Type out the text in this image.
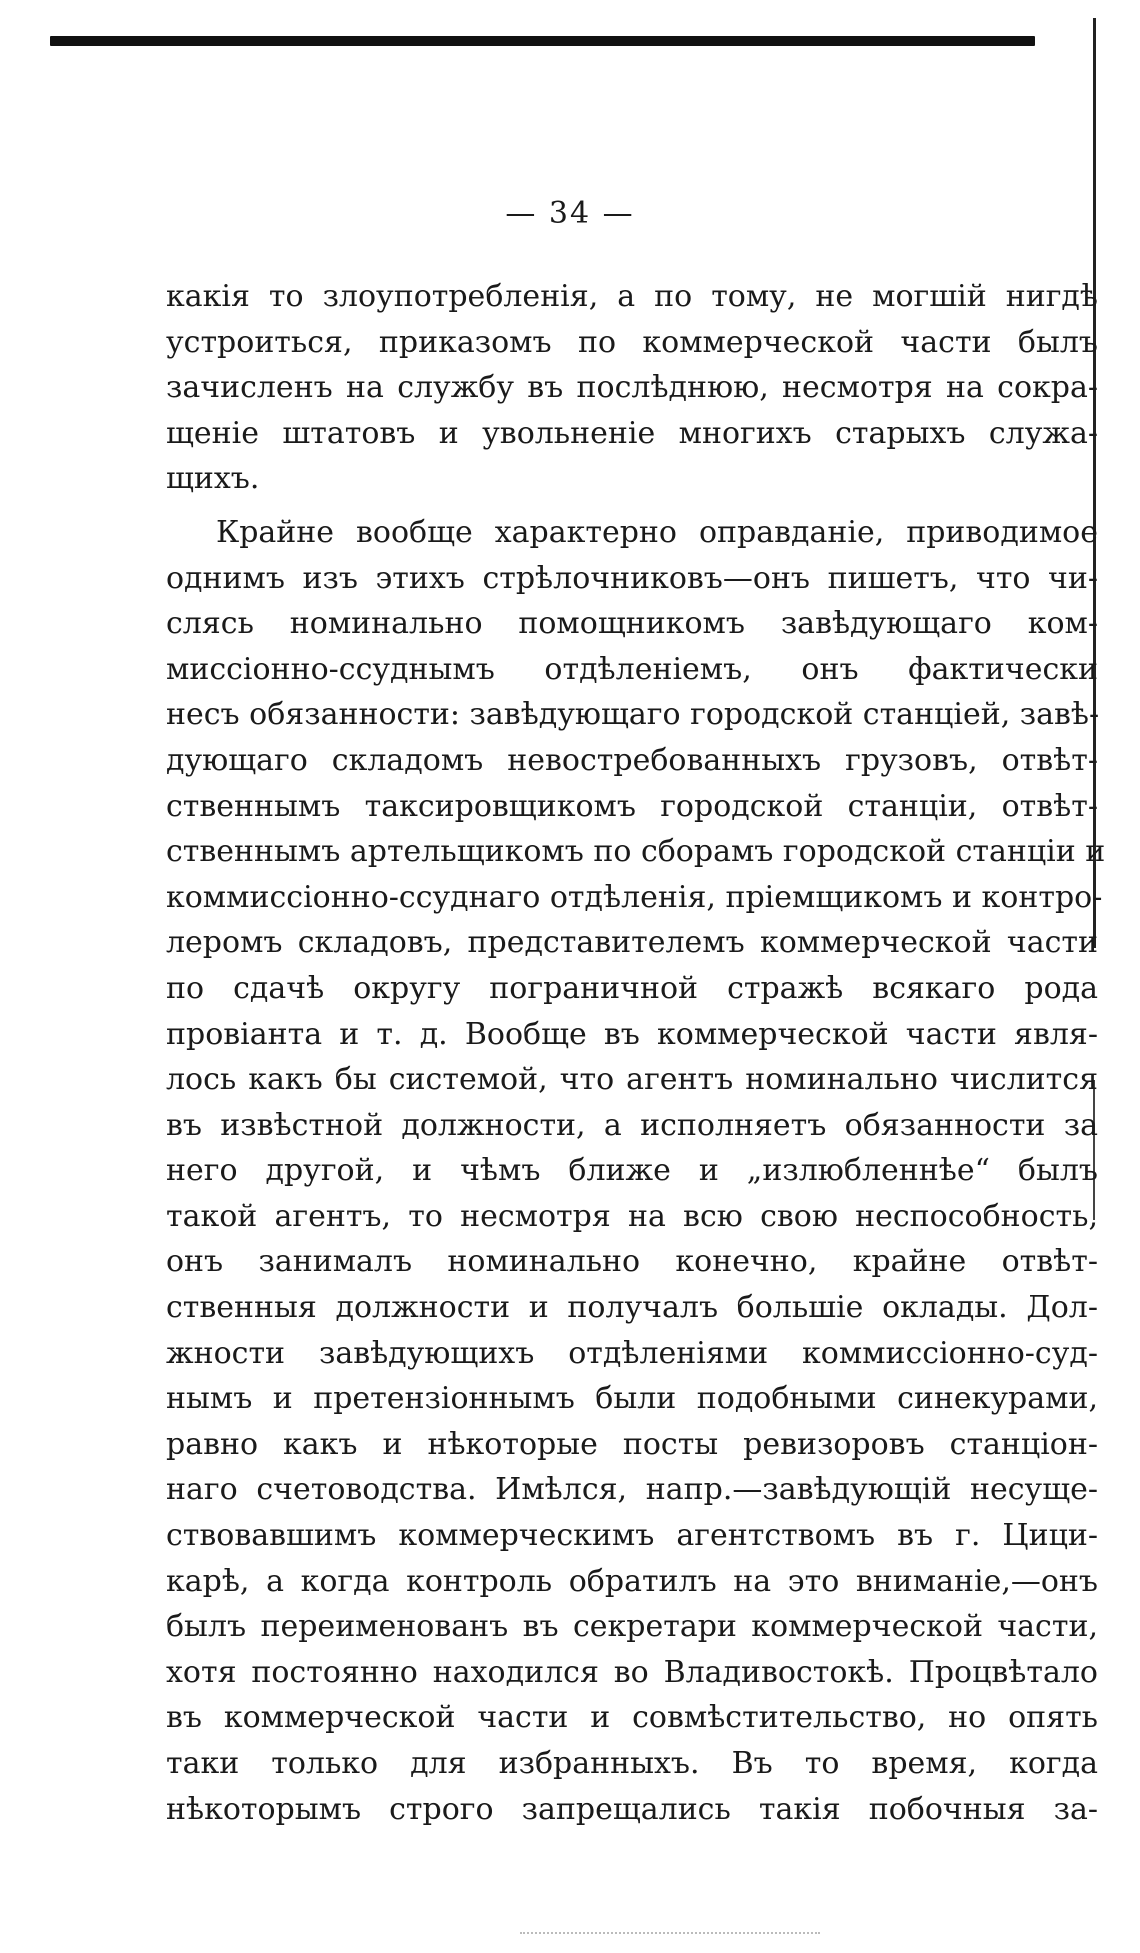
— 34 —
какія то злоупотребленія, а по тому, не могшій нигдѣ
устроиться, приказомъ по коммерческой части былъ
зачисленъ на службу въ послѣднюю, несмотря на сокра-
щеніе штатовъ и увольненіе многихъ старыхъ служа-
щихъ.
Крайне вообще характерно оправданіе, приводимое
однимъ изъ этихъ стрѣлочниковъ—онъ пишетъ, что чи-
слясь номинально помощникомъ завѣдующаго ком-
миссіонно-ссуднымъ отдѣленіемъ, онъ фактически
несъ обязанности: завѣдующаго городской станціей, завѣ-
дующаго складомъ невостребованныхъ грузовъ, отвѣт-
ственнымъ таксировщикомъ городской станціи, отвѣт-
ственнымъ артельщикомъ по сборамъ городской станціи и
коммиссіонно-ссуднаго отдѣленія, пріемщикомъ и контро-
леромъ складовъ, представителемъ коммерческой части
по сдачѣ округу пограничной стражѣ всякаго рода
провіанта и т. д. Вообще въ коммерческой части явля-
лось какъ бы системой, что агентъ номинально числится
въ извѣстной должности, а исполняетъ обязанности за
него другой, и чѣмъ ближе и „излюбленнѣе“ былъ
такой агентъ, то несмотря на всю свою неспособность,
онъ занималъ номинально конечно, крайне отвѣт-
ственныя должности и получалъ большіе оклады. Дол-
жности завѣдующихъ отдѣленіями коммиссіонно-суд-
нымъ и претензіоннымъ были подобными синекурами,
равно какъ и нѣкоторые посты ревизоровъ станціон-
наго счетоводства. Имѣлся, напр.—завѣдующій несуще-
ствовавшимъ коммерческимъ агентствомъ въ г. Цици-
карѣ, а когда контроль обратилъ на это вниманіе,—онъ
былъ переименованъ въ секретари коммерческой части,
хотя постоянно находился во Владивостокѣ. Процвѣтало
въ коммерческой части и совмѣстительство, но опять
таки только для избранныхъ. Въ то время, когда
нѣкоторымъ строго запрещались такія побочныя за-
